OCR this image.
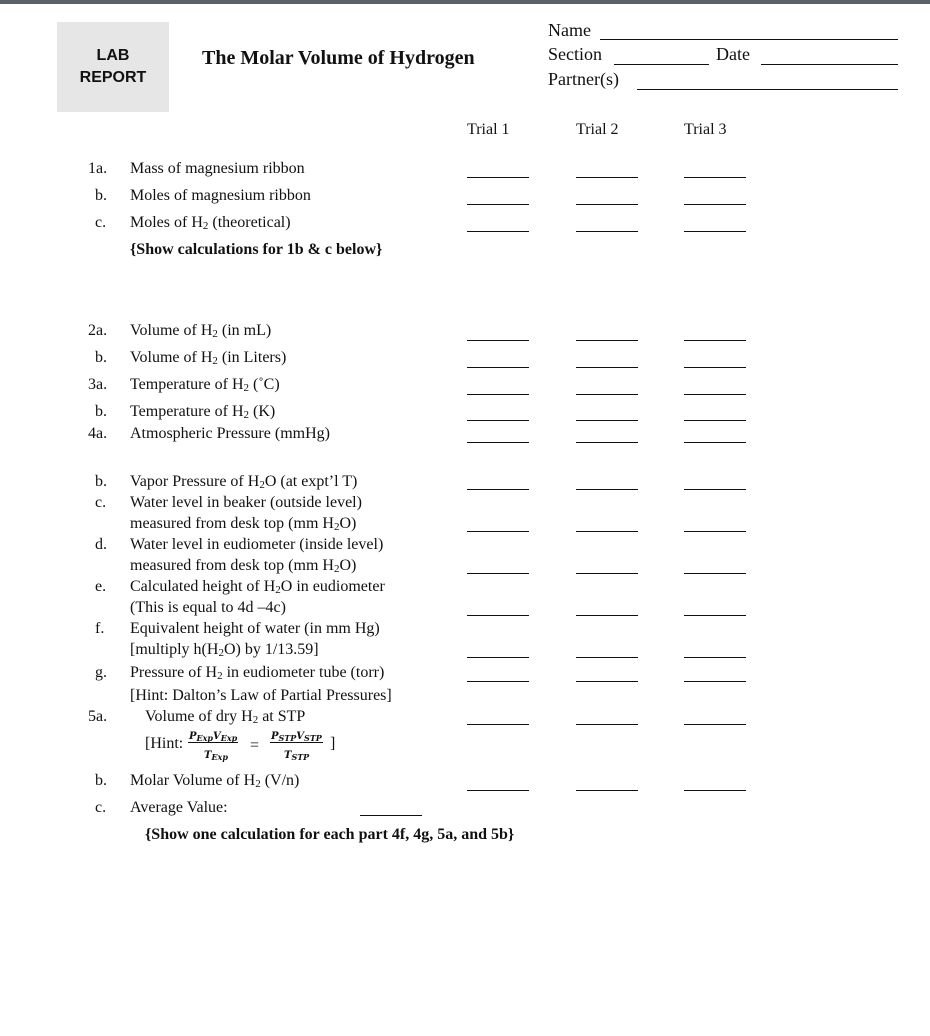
LAB
REPORT
The Molar Volume of Hydrogen
Name
Section	Date
Partner(s)
Trial 1	Trial 2	Trial 3
1a. Mass of magnesium ribbon
b. Moles of magnesium ribbon
c. Moles of $H_2$ (theoretical)
{Show calculations for 1b & c below}
2a. Volume of $H_2$ (in mL)
b. Volume of $H_2$ (in Liters)
3a. Temperature of $H_2$ (˚C)
b. Temperature of $H_2$ (K)
4a. Atmospheric Pressure (mmHg)
b. Vapor Pressure of $H_2O$ (at expt’l T)
c. Water level in beaker (outside level)
measured from desk top (mm $H_2O$)
d. Water level in eudiometer (inside level)
measured from desk top (mm $H_2O$)
e. Calculated height of $H_2O$ in eudiometer
(This is equal to 4d –4c)
f. Equivalent height of water (in mm Hg)
[multiply $h(H_2O)$ by 1/13.59]
g. Pressure of $H_2$ in eudiometer tube (torr)
[Hint: Dalton’s Law of Partial Pressures]
5a. Volume of dry $H_2$ at STP
[Hint: $P_{Exp}V_{Exp}$
$T_{Exp}$
=
$P_{STP}V_{STP}$
$T_{STP}$
]
b. Molar Volume of $H_2$ (V/n)
c. Average Value:
{Show one calculation for each part 4f, 4g, 5a, and 5b}
